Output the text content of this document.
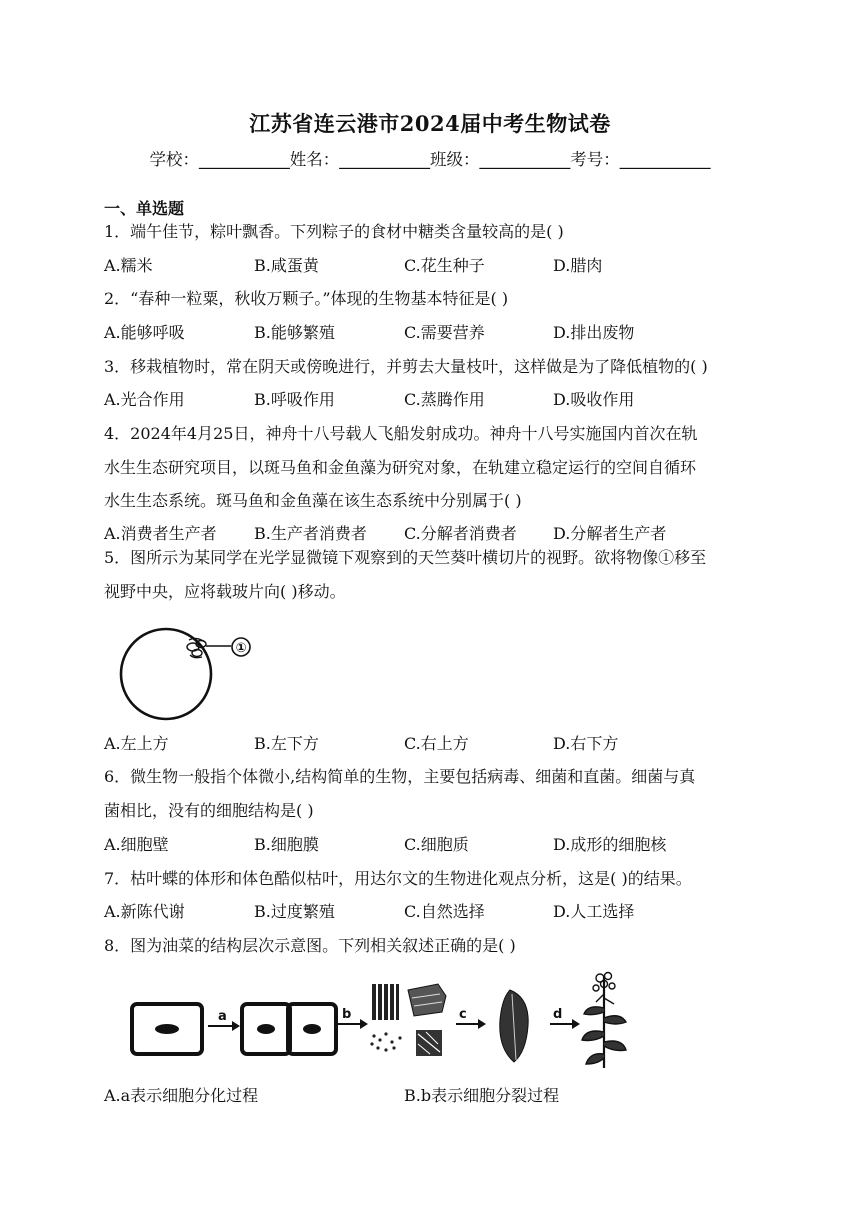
江苏省连云港市2024届中考生物试卷
学校：___________姓名：___________班级：___________考号：___________
一、单选题
1．端午佳节，粽叶飘香。下列粽子的食材中糖类含量较高的是( )
A.糯米	B.咸蛋黄	C.花生种子	D.腊肉
2．“春种一粒粟，秋收万颗子。”体现的生物基本特征是( )
A.能够呼吸	B.能够繁殖	C.需要营养	D.排出废物
3．移栽植物时，常在阴天或傍晚进行，并剪去大量枝叶，这样做是为了降低植物的( )
A.光合作用	B.呼吸作用	C.蒸腾作用	D.吸收作用
4．2024年4月25日，神舟十八号载人飞船发射成功。神舟十八号实施国内首次在轨
水生生态研究项目，以斑马鱼和金鱼藻为研究对象，在轨建立稳定运行的空间自循环
水生生态系统。斑马鱼和金鱼藻在该生态系统中分别属于( )
A.消费者生产者 B.生产者消费者 C.分解者消费者 D.分解者生产者
5．图所示为某同学在光学显微镜下观察到的天竺葵叶横切片的视野。欲将物像①移至
视野中央，应将载玻片向( )移动。
①
A.左上方	B.左下方	C.右上方	D.右下方
6．微生物一般指个体微小,结构简单的生物，主要包括病毒、细菌和直菌。细菌与真
菌相比，没有的细胞结构是( )
A.细胞壁	B.细胞膜	C.细胞质	D.成形的细胞核
7．枯叶蝶的体形和体色酷似枯叶，用达尔文的生物进化观点分析，这是( )的结果。
A.新陈代谢	B.过度繁殖	C.自然选择	D.人工选择
8．图为油菜的结构层次示意图。下列相关叙述正确的是( )
a	b	c	d
A.a表示细胞分化过程	B.b表示细胞分裂过程
